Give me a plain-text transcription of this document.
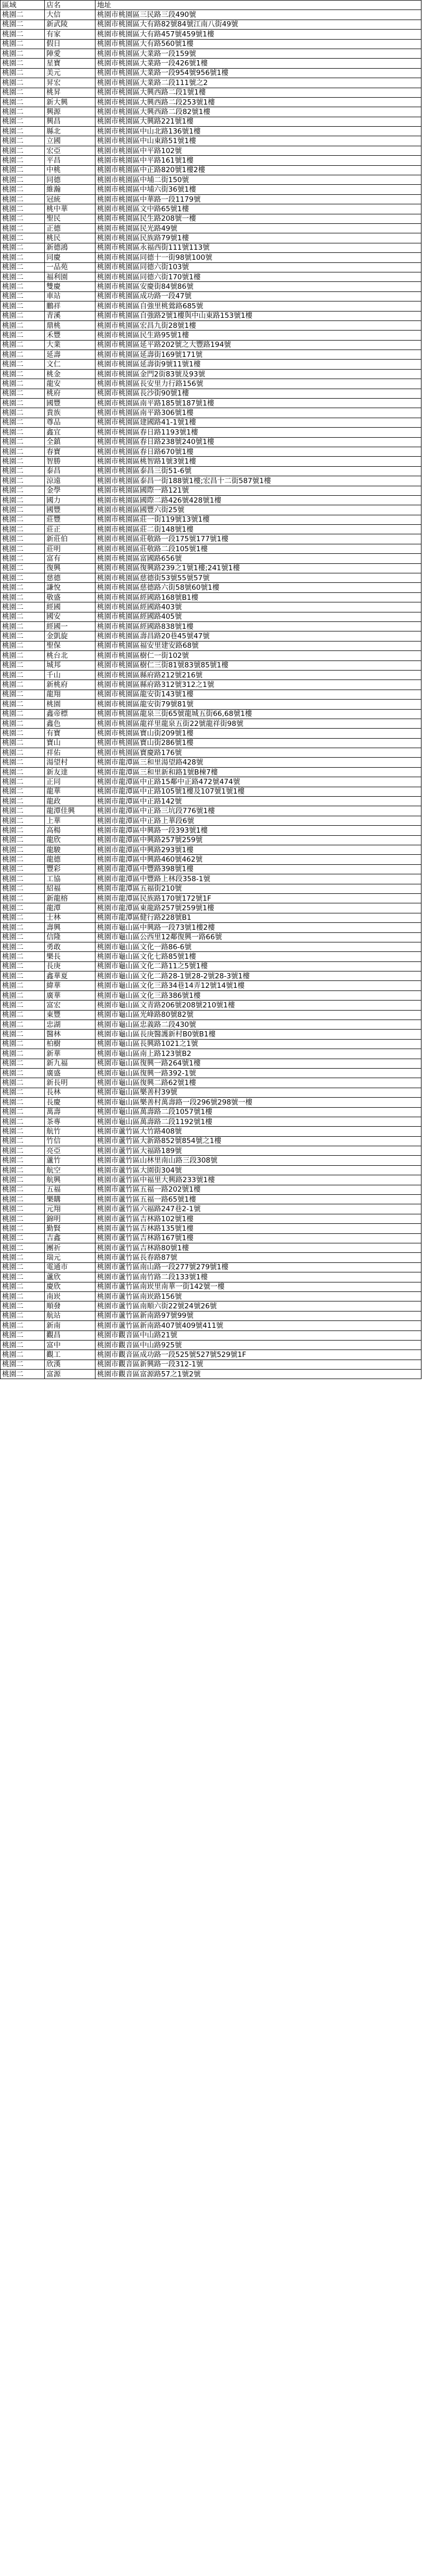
區域	店名	地址
桃園二	大信	桃園市桃園區三民路三段490號
桃園二	新武陵	桃園市桃園區大有路82號84號江南八街49號
桃園二	有家	桃園市桃園區大有路457號459號1樓
桃園二	假日	桃園市桃園區大有路560號1樓
桃園二	陣愛	桃園市桃園區大業路一段159號
桃園二	星寶	桃園市桃園區大業路一段426號1樓
桃園二	美元	桃園市桃園區大業路一段954號956號1樓
桃園二	昇宏	桃園市桃園區大業路二段111號之2
桃園二	桃昇	桃園市桃園區大興西路二段1號1樓
桃園二	新大興	桃園市桃園區大興西路二段253號1樓
桃園二	興源	桃園市桃園區大興西路二段82號1樓
桃園二	興昌	桃園市桃園區大興路221號1樓
桃園二	縣北	桃園市桃園區中山北路136號1樓
桃園二	立國	桃園市桃園區中山東路51號1樓
桃園二	宏亞	桃園市桃園區中平路102號
桃園二	平昌	桃園市桃園區中平路161號1樓
桃園二	中桃	桃園市桃園區中正路820號1樓2樓
桃園二	同德	桃園市桃園區中埔二街150號
桃園二	維瀚	桃園市桃園區中埔六街36號1樓
桃園二	冠統	桃園市桃園區中華路一段1179號
桃園二	桃中華	桃園市桃園區文中路65號1樓
桃園二	聖民	桃園市桃園區民生路208號一樓
桃園二	正德	桃園市桃園區民光路49號
桃園二	桃民	桃園市桃園區民族路79號1樓
桃園二	新德鴻	桃園市桃園區永福西街111號113號
桃園二	同慶	桃園市桃園區同德十一街98號100號
桃園二	一品苑	桃園市桃園區同德六街103號
桃園二	福利園	桃園市桃園區同德六街170號1樓
桃園二	雙慶	桃園市桃園區安慶街84號86號
桃園二	車站	桃園市桃園區成功路一段47號
桃園二	鵬祥	桃園市桃園區自強里桃鶯路685號
桃園二	青溪	桃園市桃園區自強路2號1樓與中山東路153號1樓
桃園二	鼎桃	桃園市桃園區宏昌九街28號1樓
桃園二	禾豐	桃園市桃園區民生路95號1樓
桃園二	大業	桃園市桃園區延平路202號之大豐路194號
桃園二	延壽	桃園市桃園區延壽街169號171號
桃園二	文仁	桃園市桃園區延壽街9號11號1樓
桃園二	桃金	桃園市桃園區金門2街83號及93號
桃園二	龍安	桃園市桃園區長安里力行路156號
桃園二	桃府	桃園市桃園區長沙街90號1樓
桃園二	國豐	桃園市桃園區南平路185號187號1樓
桃園二	貴族	桃園市桃園區南平路306號1樓
桃園二	尊品	桃園市桃園區建國路41-1號1樓
桃園二	鑫宜	桃園市桃園區春日路1193號1樓
桃園二	全鎮	桃園市桃園區春日路238號240號1樓
桃園二	春寶	桃園市桃園區春日路670號1樓
桃園二	智勝	桃園市桃園區桃智路1號3號1樓
桃園二	泰昌	桃園市桃園區泰昌三街51-6號
桃園二	涼遠	桃園市桃園區泰昌一街188號1樓;宏昌十二街587號1樓
桃園二	金學	桃園市桃園區國際一路121號
桃園二	國力	桃園市桃園區國際二路426號428號1樓
桃園二	國豐	桃園市桃園區國豐六街25號
桃園二	莊豐	桃園市桃園區莊一街119號13號1樓
桃園二	莊正	桃園市桃園區莊二街148號1樓
桃園二	新莊伯	桃園市桃園區莊敬路一段175號177號1樓
桃園二	莊明	桃園市桃園區莊敬路二段105號1樓
桃園二	富有	桃園市桃園區富國路656號
桃園二	復興	桃園市桃園區復興路239之1號1樓;241號1樓
桃園二	慈德	桃園市桃園區慈德街53號55號57號
桃園二	謙悅	桃園市桃園區慈德路六街58號60號1樓
桃園二	敬盛	桃園市桃園區經國路168號B1樓
桃園二	經國	桃園市桃園區經國路403號
桃園二	國安	桃園市桃園區經國路405號
桃園二	經國一	桃園市桃園區經國路838號1樓
桃園二	金凱旋	桃園市桃園區壽昌路20巷45號47號
桃園二	聖保	桃園市桃園區福安里建安路68號
桃園二	桃台北	桃園市桃園區樹仁一街102號
桃園二	城邦	桃園市桃園區樹仁三街81號83號85號1樓
桃園二	千山	桃園市桃園區縣府路212號216號
桃園二	新桃府	桃園市桃園區縣府路312號312之1號
桃園二	龍翔	桃園市桃園區龍安街143號1樓
桃園二	桃園	桃園市桃園區龍安街79號81號
桃園二	鑫帝標	桃園市桃園區龍泉三街65號龍城五街66,68號1樓
桃園二	鑫色	桃園市桃園區龍祥里龍泉五街22號龍祥街98號
桃園二	有寶	桃園市桃園區寶山街209號1樓
桃園二	寶山	桃園市桃園區寶山街286號1樓
桃園二	祥佑	桃園市桃園區寶慶路176號
桃園二	湯望村	桃園市龍潭區三和里湯望路428號
桃園二	新友達	桃園市龍潭區三和里新和路1號B棟7樓
桃園二	正同	桃園市龍潭區中正路15鄰中正路472號474號
桃園二	龍華	桃園市龍潭區中正路105號1樓及107號1號1樓
桃園二	龍政	桃園市龍潭區中正路142號
桃園二	龍潭佳興	桃園市龍潭區中正路三坑段776號1樓
桃園二	上華	桃園市龍潭區中正路上華段6號
桃園二	高楊	桃園市龍潭區中興路一段393號1樓
桃園二	龍欣	桃園市龍潭區中興路257號259號
桃園二	龍駿	桃園市龍潭區中興路293號1樓
桃園二	龍德	桃園市龍潭區中興路460號462號
桃園二	豐彩	桃園市龍潭區中豐路398號1樓
桃園二	工協	桃園市龍潭區中豐路上林段358-1號
桃園二	紹福	桃園市龍潭區五福街210號
桃園二	新龍榕	桃園市龍潭區民族路170號172號1F
桃園二	龍潭	桃園市龍潭區東龍路257號259號1樓
桃園二	士林	桃園市龍潭區健行路228號B1
桃園二	壽興	桃園市龜山區中興路一段73號1樓2樓
桃園二	信隆	桃園市龜山區公西里12鄰復興一路66號
桃園二	勇敢	桃園市龜山區文化一路86-6號
桃園二	樂長	桃園市龜山區文化七路85號1樓
桃園二	長庚	桃園市龜山區文化二路11之5號1樓
桃園二	鑫華夏	桃園市龜山區文化二路28-1號28-2號28-3號1樓
桃園二	緯華	桃園市龜山區文化三路34巷14弄12號14號1樓
桃園二	廣華	桃園市龜山區文化三路386號1樓
桃園二	富宏	桃園市龜山區文青路206號208號210號1樓
桃園二	東豐	桃園市龜山區光峰路80號82號
桃園二	忠湖	桃園市龜山區忠義路二段430號
桃園二	醫林	桃園市龜山區長庚醫護新村B0號B1樓
桃園二	柏樹	桃園市龜山區長興路1021之1號
桃園二	新華	桃園市龜山區南上路123號B2
桃園二	新九福	桃園市龜山區復興一路264號1樓
桃園二	廣盛	桃園市龜山區復興一路392-1號
桃園二	新長明	桃園市龜山區復興二路62號1樓
桃園二	長林	桃園市龜山區樂善村39號
桃園二	長慶	桃園市龜山區樂善村萬壽路一段296號298號一樓
桃園二	萬壽	桃園市龜山區萬壽路二段1057號1樓
桃園二	茶專	桃園市龜山區萬壽路二段1192號1樓
桃園二	航竹	桃園市蘆竹區大竹路408號
桃園二	竹信	桃園市蘆竹區大新路852號854號之1樓
桃園二	亮亞	桃園市蘆竹區大福路189號
桃園二	蘆竹	桃園市蘆竹區山林里南山路三段308號
桃園二	航空	桃園市蘆竹區大園街304號
桃園二	航興	桃園市蘆竹區中福里大興路233號1樓
桃園二	五福	桃園市蘆竹區五福一路202號1樓
桃園二	樂購	桃園市蘆竹區五福一路65號1樓
桃園二	元翔	桃園市蘆竹區六福路247巷2-1號
桃園二	錦明	桃園市蘆竹區吉林路102號1樓
桃園二	勤賢	桃園市蘆竹區吉林路135號1樓
桃園二	吉鑫	桃園市蘆竹區吉林路167號1樓
桃園二	團祈	桃園市蘆竹區吉林路80號1樓
桃園二	瑞元	桃園市蘆竹區長春路87號
桃園二	電通市	桃園市蘆竹區南山路一段277號279號1樓
桃園二	蘆欣	桃園市蘆竹區南竹路二段133號1樓
桃園二	慶欣	桃園市蘆竹區南崁里南華一街142號一樓
桃園二	南崁	桃園市蘆竹區南崁路156號
桃園二	順發	桃園市蘆竹區南順六街22號24號26號
桃園二	航站	桃園市蘆竹區新南路97號99號
桃園二	新南	桃園市蘆竹區新南路407號409號411號
桃園二	觀昌	桃園市觀音區中山路21號
桃園二	富中	桃園市觀音區中山路925號
桃園二	觀工	桃園市觀音區成功路一段525號527號529號1F
桃園二	欣漢	桃園市觀音區新興路一段312-1號
桃園二	富源	桃園市觀音區富源路57之1號2號
